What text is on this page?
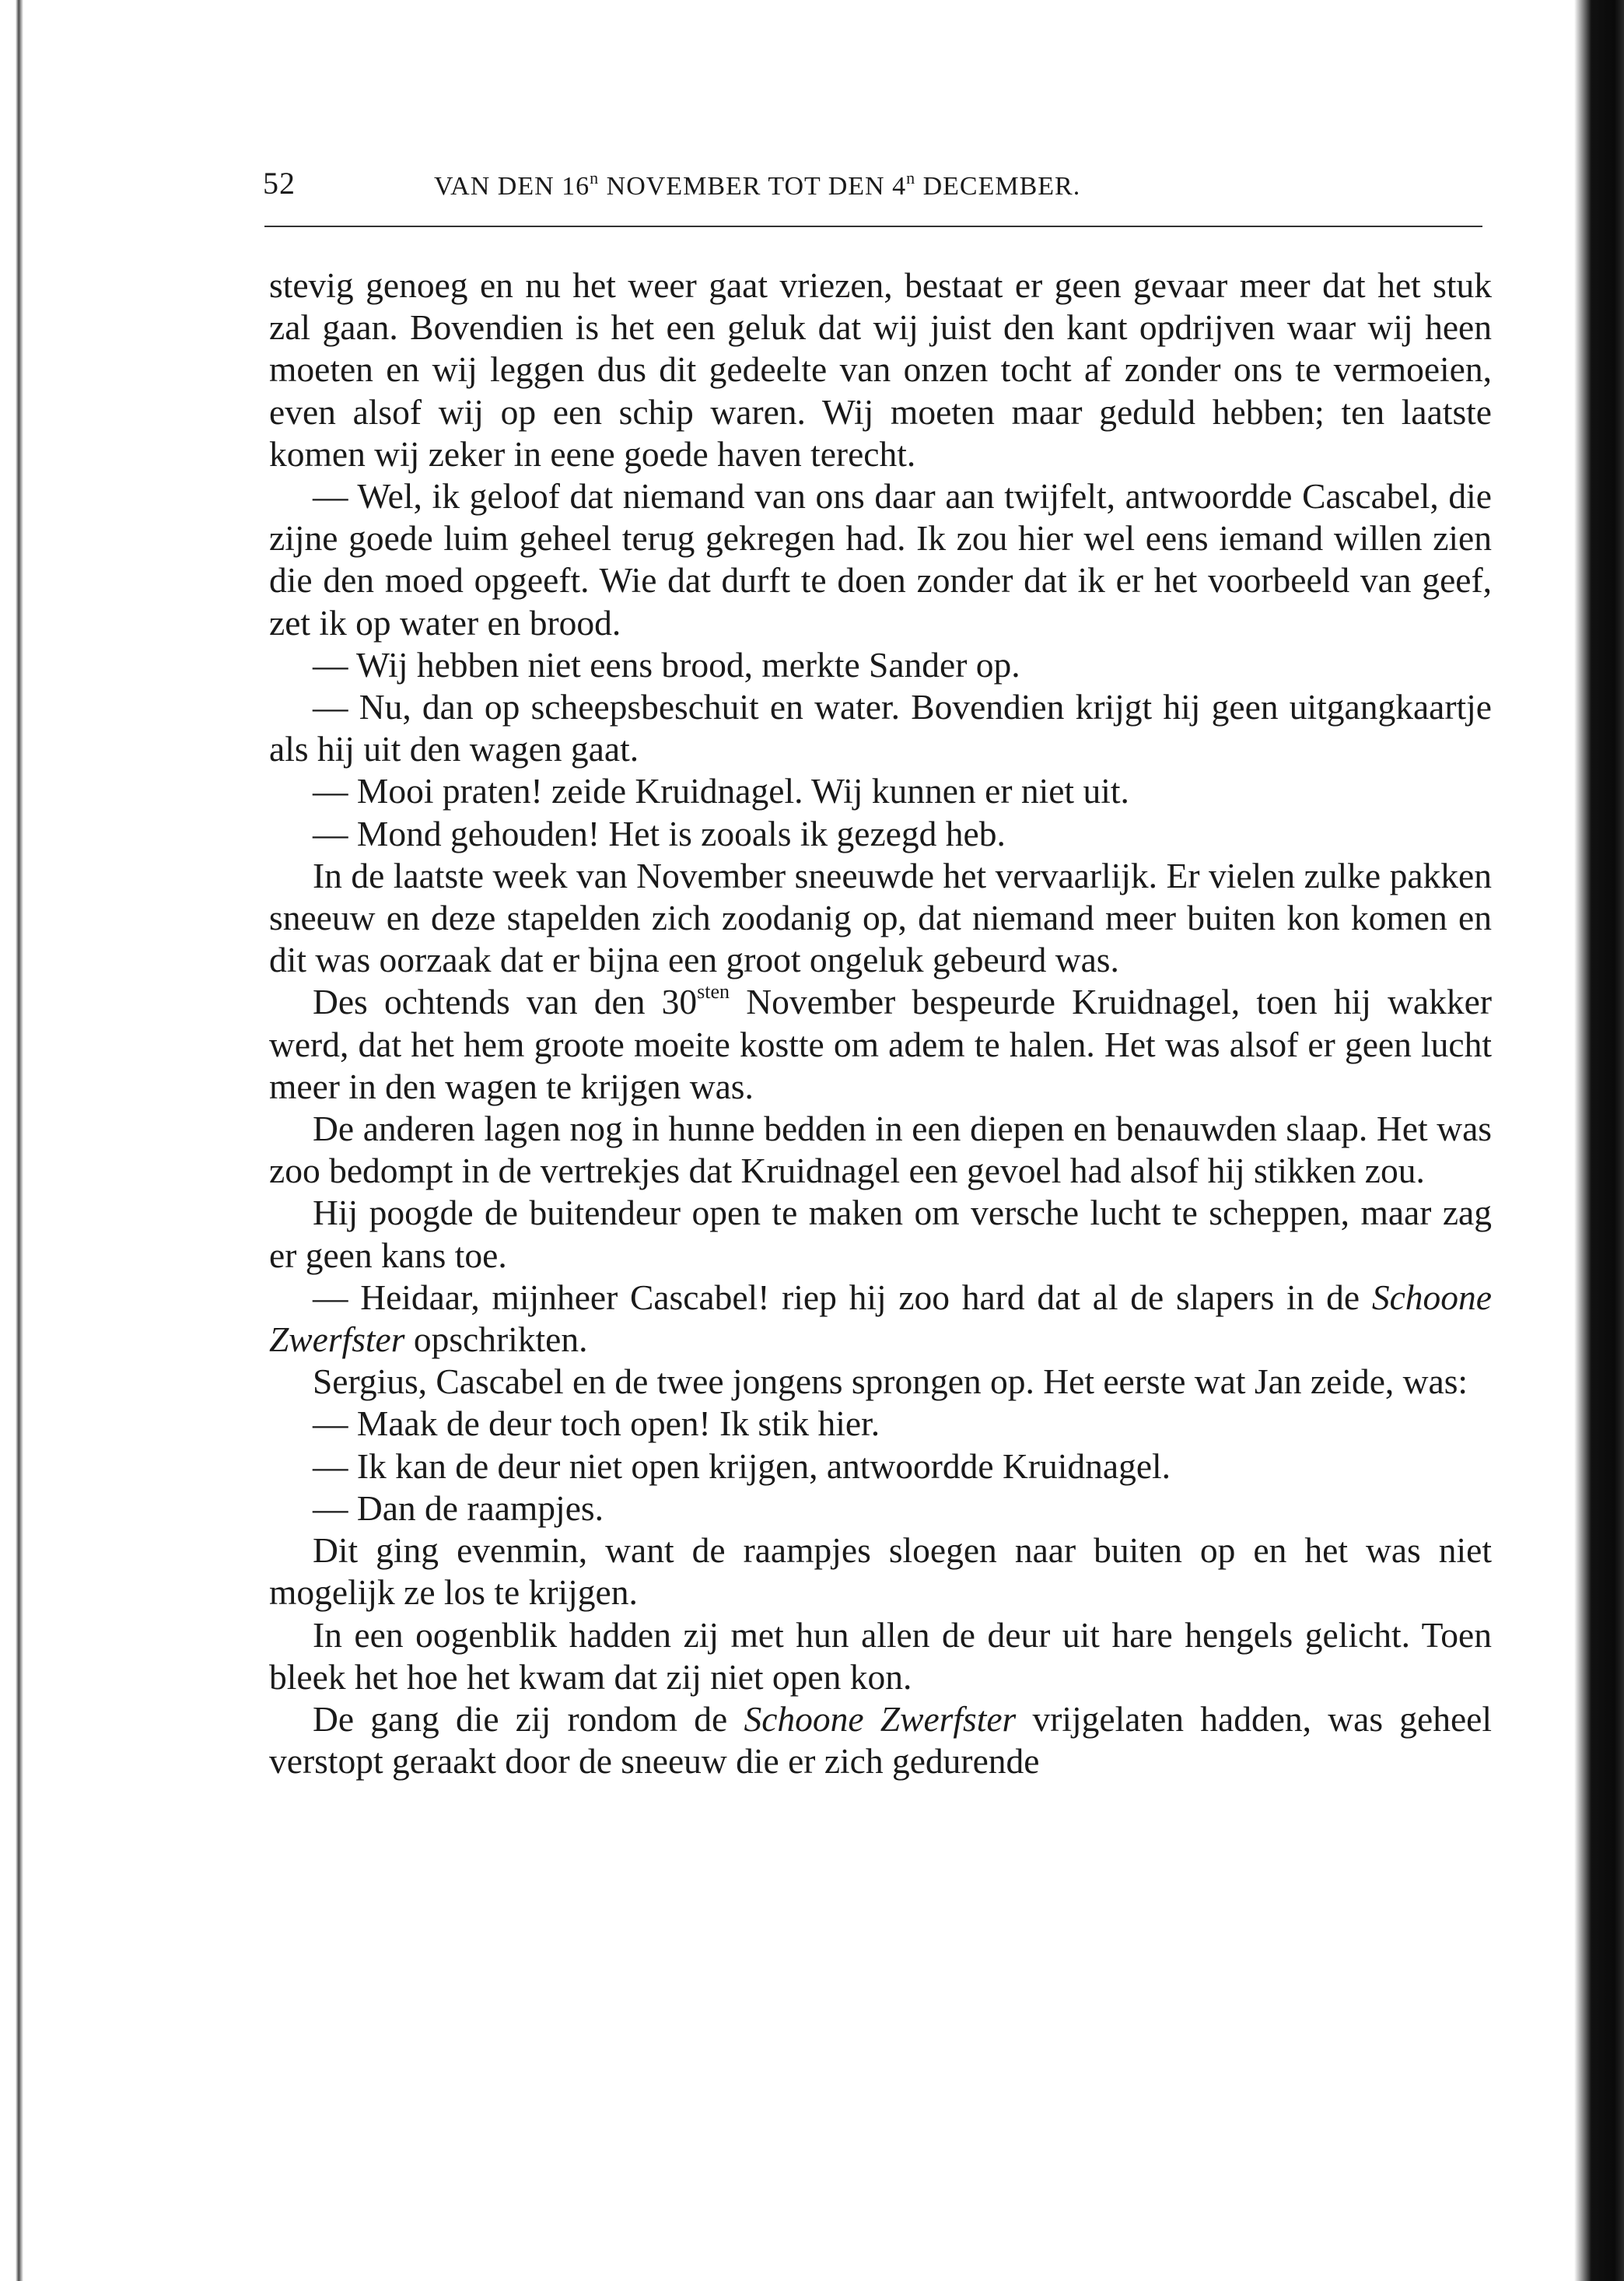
52	VAN DEN 16$^n$ NOVEMBER TOT DEN 4$^n$ DECEMBER.

stevig genoeg en nu het weer gaat vriezen, bestaat er geen gevaar meer dat het stuk zal gaan. Bovendien is het een geluk dat wij juist den kant opdrijven waar wij heen moeten en wij leggen dus dit gedeelte van onzen tocht af zonder ons te vermoeien, even alsof wij op een schip waren. Wij moeten maar geduld hebben; ten laatste komen wij zeker in eene goede haven terecht.

— Wel, ik geloof dat niemand van ons daar aan twijfelt, antwoordde Cascabel, die zijne goede luim geheel terug gekregen had. Ik zou hier wel eens iemand willen zien die den moed opgeeft. Wie dat durft te doen zonder dat ik er het voorbeeld van geef, zet ik op water en brood.

— Wij hebben niet eens brood, merkte Sander op.

— Nu, dan op scheepsbeschuit en water. Bovendien krijgt hij geen uitgangkaartje als hij uit den wagen gaat.

— Mooi praten! zeide Kruidnagel. Wij kunnen er niet uit.

— Mond gehouden! Het is zooals ik gezegd heb.

In de laatste week van November sneeuwde het vervaarlijk. Er vielen zulke pakken sneeuw en deze stapelden zich zoodanig op, dat niemand meer buiten kon komen en dit was oorzaak dat er bijna een groot ongeluk gebeurd was.

Des ochtends van den $30^{sten}$ November bespeurde Kruidnagel, toen hij wakker werd, dat het hem groote moeite kostte om adem te halen. Het was alsof er geen lucht meer in den wagen te krijgen was.

De anderen lagen nog in hunne bedden in een diepen en benauwden slaap. Het was zoo bedompt in de vertrekjes dat Kruidnagel een gevoel had alsof hij stikken zou.

Hij poogde de buitendeur open te maken om versche lucht te scheppen, maar zag er geen kans toe.

— Heidaar, mijnheer Cascabel! riep hij zoo hard dat al de slapers in de Schoone Zwerfster opschrikten.

Sergius, Cascabel en de twee jongens sprongen op. Het eerste wat Jan zeide, was:

— Maak de deur toch open! Ik stik hier.

— Ik kan de deur niet open krijgen, antwoordde Kruidnagel.

— Dan de raampjes.

Dit ging evenmin, want de raampjes sloegen naar buiten op en het was niet mogelijk ze los te krijgen.

In een oogenblik hadden zij met hun allen de deur uit hare hengels gelicht. Toen bleek het hoe het kwam dat zij niet open kon.

De gang die zij rondom de Schoone Zwerfster vrijgelaten hadden, was geheel verstopt geraakt door de sneeuw die er zich gedurende
